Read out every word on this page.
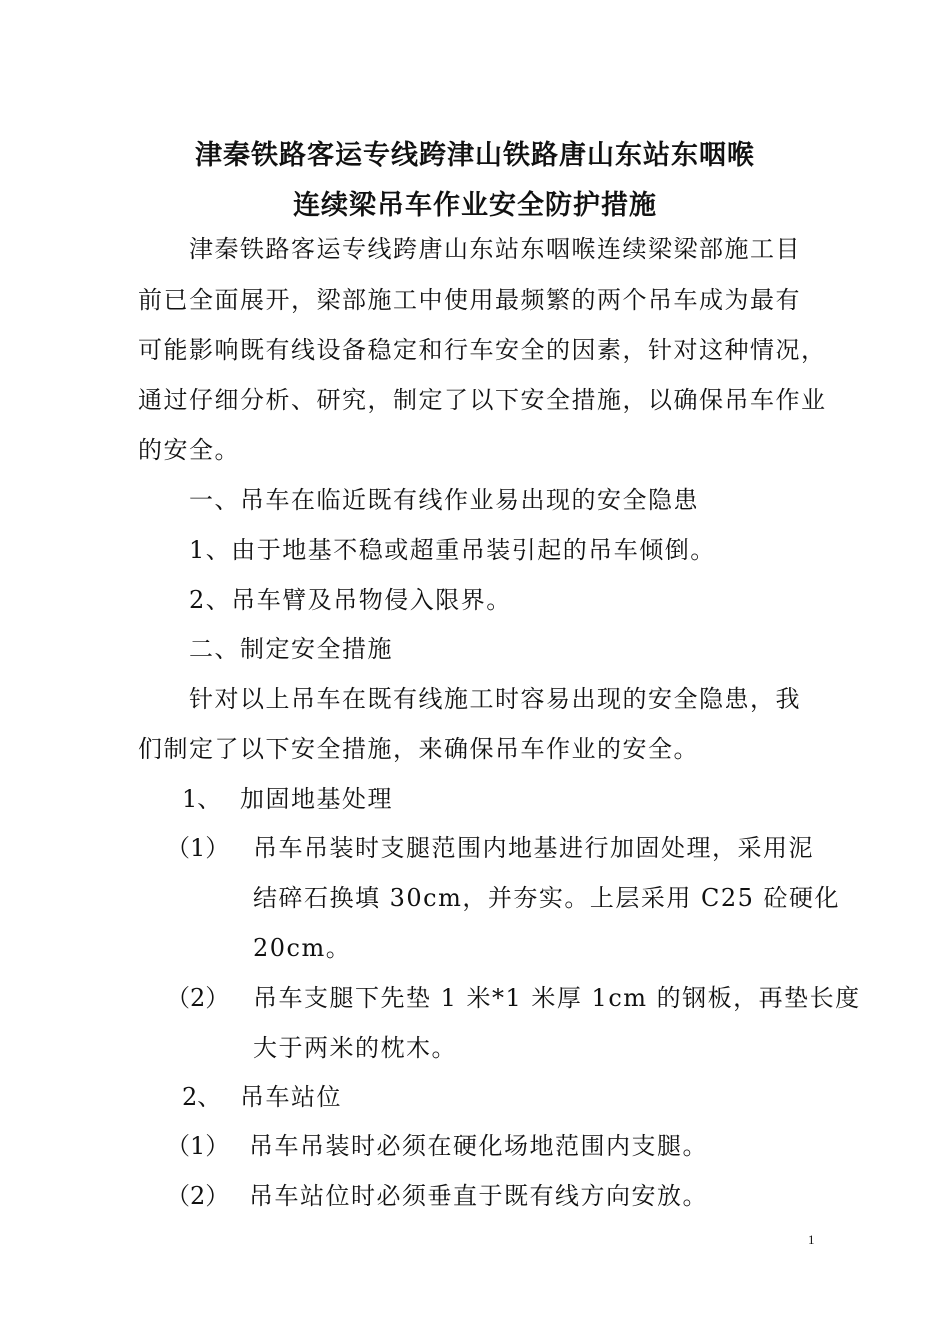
津秦铁路客运专线跨津山铁路唐山东站东咽喉
连续梁吊车作业安全防护措施
津秦铁路客运专线跨唐山东站东咽喉连续梁梁部施工目
前已全面展开，梁部施工中使用最频繁的两个吊车成为最有
可能影响既有线设备稳定和行车安全的因素，针对这种情况，
通过仔细分析、研究，制定了以下安全措施，以确保吊车作业
的安全。
一、吊车在临近既有线作业易出现的安全隐患
1、由于地基不稳或超重吊装引起的吊车倾倒。
2、吊车臂及吊物侵入限界。
二、制定安全措施
针对以上吊车在既有线施工时容易出现的安全隐患，我
们制定了以下安全措施，来确保吊车作业的安全。
1、 加固地基处理
（1） 吊车吊装时支腿范围内地基进行加固处理，采用泥
结碎石换填 30cm，并夯实。上层采用 C25 砼硬化
20cm。
（2） 吊车支腿下先垫 1 米*1 米厚 1cm 的钢板，再垫长度
大于两米的枕木。
2、 吊车站位
（1） 吊车吊装时必须在硬化场地范围内支腿。
（2） 吊车站位时必须垂直于既有线方向安放。
1
